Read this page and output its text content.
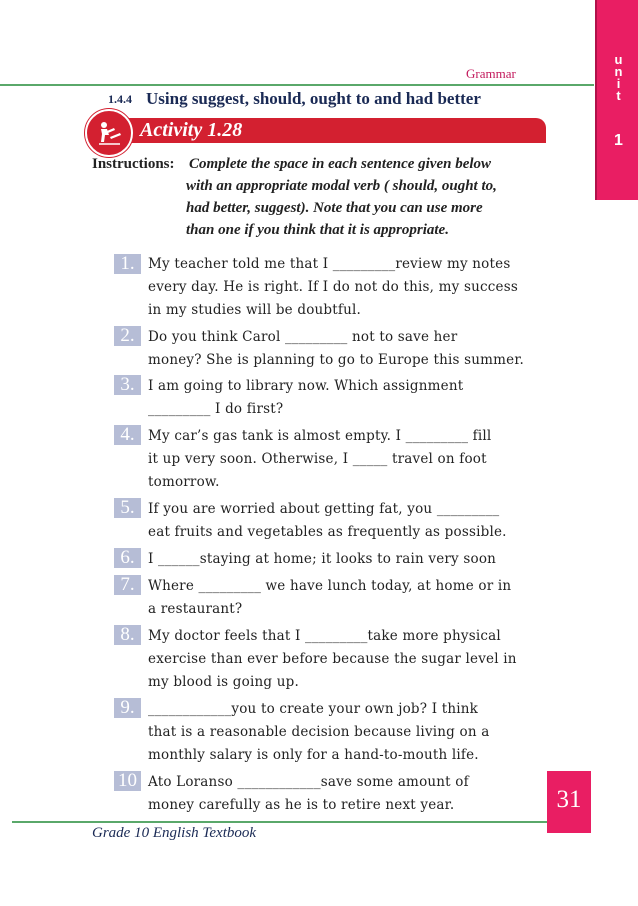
Grammar
u
n
i
t
1
1.4.4 Using suggest, should, ought to and had better
Activity 1.28
Instructions: Complete the space in each sentence given below
with an appropriate modal verb ( should, ought to,
had better, suggest). Note that you can use more
than one if you think that it is appropriate.
1. My teacher told me that I _________review my notes
every day. He is right. If I do not do this, my success
in my studies will be doubtful.
2. Do you think Carol _________ not to save her
money? She is planning to go to Europe this summer.
3. I am going to library now. Which assignment
_________ I do first?
4. My car’s gas tank is almost empty. I _________ fill
it up very soon. Otherwise, I _____ travel on foot
tomorrow.
5. If you are worried about getting fat, you _________
eat fruits and vegetables as frequently as possible.
6. I ______staying at home; it looks to rain very soon
7. Where _________ we have lunch today, at home or in
a restaurant?
8. My doctor feels that I _________take more physical
exercise than ever before because the sugar level in
my blood is going up.
9. ____________you to create your own job? I think
that is a reasonable decision because living on a
monthly salary is only for a hand-to-mouth life.
10 Ato Loranso ____________save some amount of
money carefully as he is to retire next year.	31
Grade 10 English Textbook
